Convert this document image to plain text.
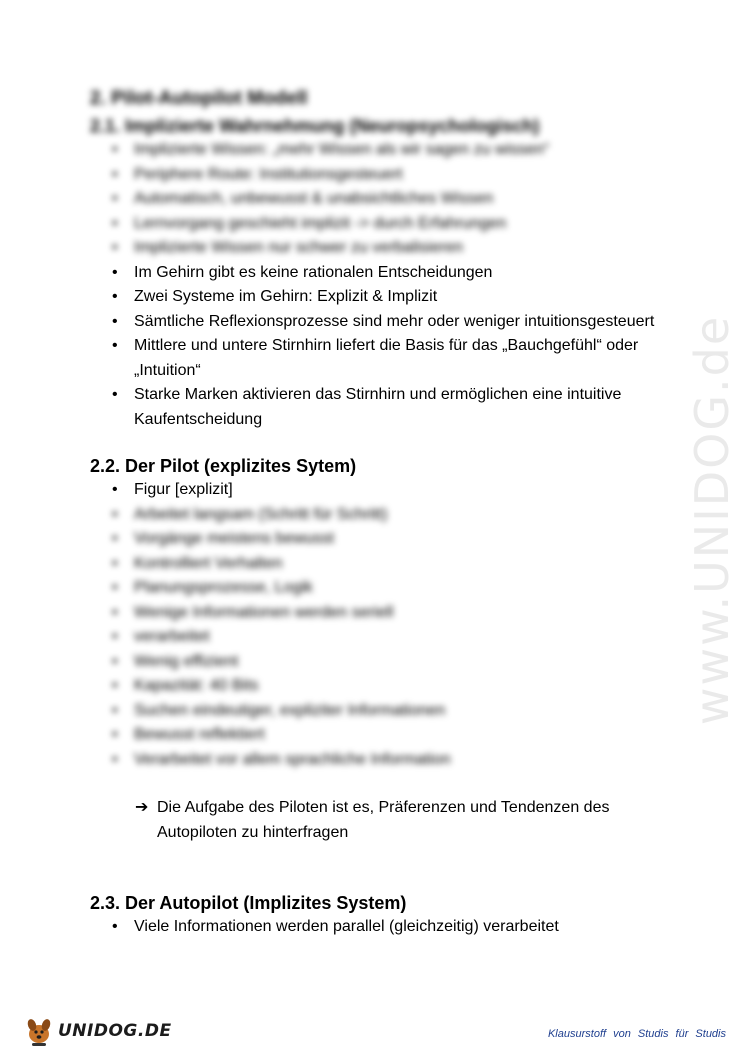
www.UNIDOG.de
2. Pilot-Autopilot Modell
2.1. Implizierte Wahrnehmung (Neuropsychologisch)
• Implizierte Wissen: „mehr Wissen als wir sagen zu wissen“
• Periphere Route: Institutionsgesteuert
• Automatisch, unbewusst & unabsichtliches Wissen
• Lernvorgang geschieht implizit -> durch Erfahrungen
• Implizierte Wissen nur schwer zu verbalisieren
• Im Gehirn gibt es keine rationalen Entscheidungen
• Zwei Systeme im Gehirn: Explizit & Implizit
• Sämtliche Reflexionsprozesse sind mehr oder weniger intuitionsgesteuert
• Mittlere und untere Stirnhirn liefert die Basis für das „Bauchgefühl“ oder „Intuition“
• Starke Marken aktivieren das Stirnhirn und ermöglichen eine intuitive Kaufentscheidung
2.2. Der Pilot (explizites Sytem)
• Figur [explizit]
• Arbeitet langsam (Schritt für Schritt)
• Vorgänge meistens bewusst
• Kontrolliert Verhalten
• Planungsprozesse, Logik
• Wenige Informationen werden seriell
• verarbeitet
• Wenig effizient
• Kapazität: 40 Bits
• Suchen eindeutiger, expliziter Informationen
• Bewusst reflektiert
• Verarbeitet vor allem sprachliche Information
➔ Die Aufgabe des Piloten ist es, Präferenzen und Tendenzen des Autopiloten zu hinterfragen
2.3. Der Autopilot (Implizites System)
• Viele Informationen werden parallel (gleichzeitig) verarbeitet
UNIDOG.DE	Klausurstoff von Studis für Studis
